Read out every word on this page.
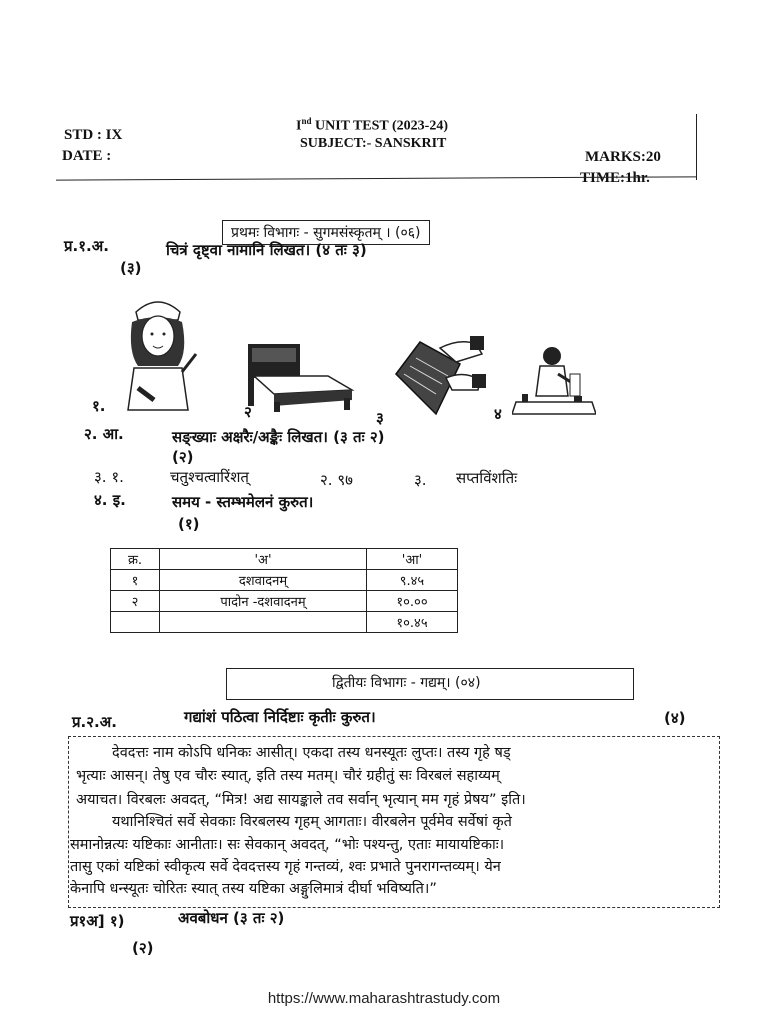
STD : IX
DATE :
Ind UNIT TEST (2023-24)
SUBJECT:- SANSKRIT
MARKS:20
TIME:1hr.
प्रथमः विभागः - सुगमसंस्कृतम् । (०६)
प्र.१.अ.	चित्रं दृष्ट्वा नामानि लिखत। (४ तः ३)
(३)
१.	२	३	४
२. आ.	सङ्ख्याः अक्षरैः/अङ्कैः लिखत। (३ तः २)
(२)
३. १.	चतुश्चत्वारिंशत्	२. ९७	३. सप्तविंशतिः
४. इ.	समय - स्तम्भमेलनं कुरुत।
(१)
क्र.	'अ'	'आ'
१	दशवादनम्	९.४५
२	पादोन -दशवादनम्	१०.००
		१०.४५
द्वितीयः विभागः - गद्यम्। (०४)
प्र.२.अ.	गद्यांशं पठित्वा निर्दिष्टाः कृतीः कुरुत।	(४)
देवदत्तः नाम कोऽपि धनिकः आसीत्। एकदा तस्य धनस्यूतः लुप्तः। तस्य गृहे षड्
भृत्याः आसन्। तेषु एव चौरः स्यात्, इति तस्य मतम्। चौरं ग्रहीतुं सः विरबलं सहाय्यम्
अयाचत। विरबलः अवदत्, “मित्र! अद्य सायङ्काले तव सर्वान् भृत्यान् मम गृहं प्रेषय” इति।
यथानिश्चितं सर्वे सेवकाः विरबलस्य गृहम् आगताः। वीरबलेन पूर्वमेव सर्वेषां कृते
समानोन्नत्यः यष्टिकाः आनीताः। सः सेवकान् अवदत्, “भोः पश्यन्तु, एताः मायायष्टिकाः।
तासु एकां यष्टिकां स्वीकृत्य सर्वे देवदत्तस्य गृहं गन्तव्यं, श्वः प्रभाते पुनरागन्तव्यम्। येन
केनापि धन्स्यूतः चोरितः स्यात् तस्य यष्टिका अङ्गुलिमात्रं दीर्घा भविष्यति।”
प्र१अ] १)	अवबोधन (३ तः २)
(२)
https://www.maharashtrastudy.com
